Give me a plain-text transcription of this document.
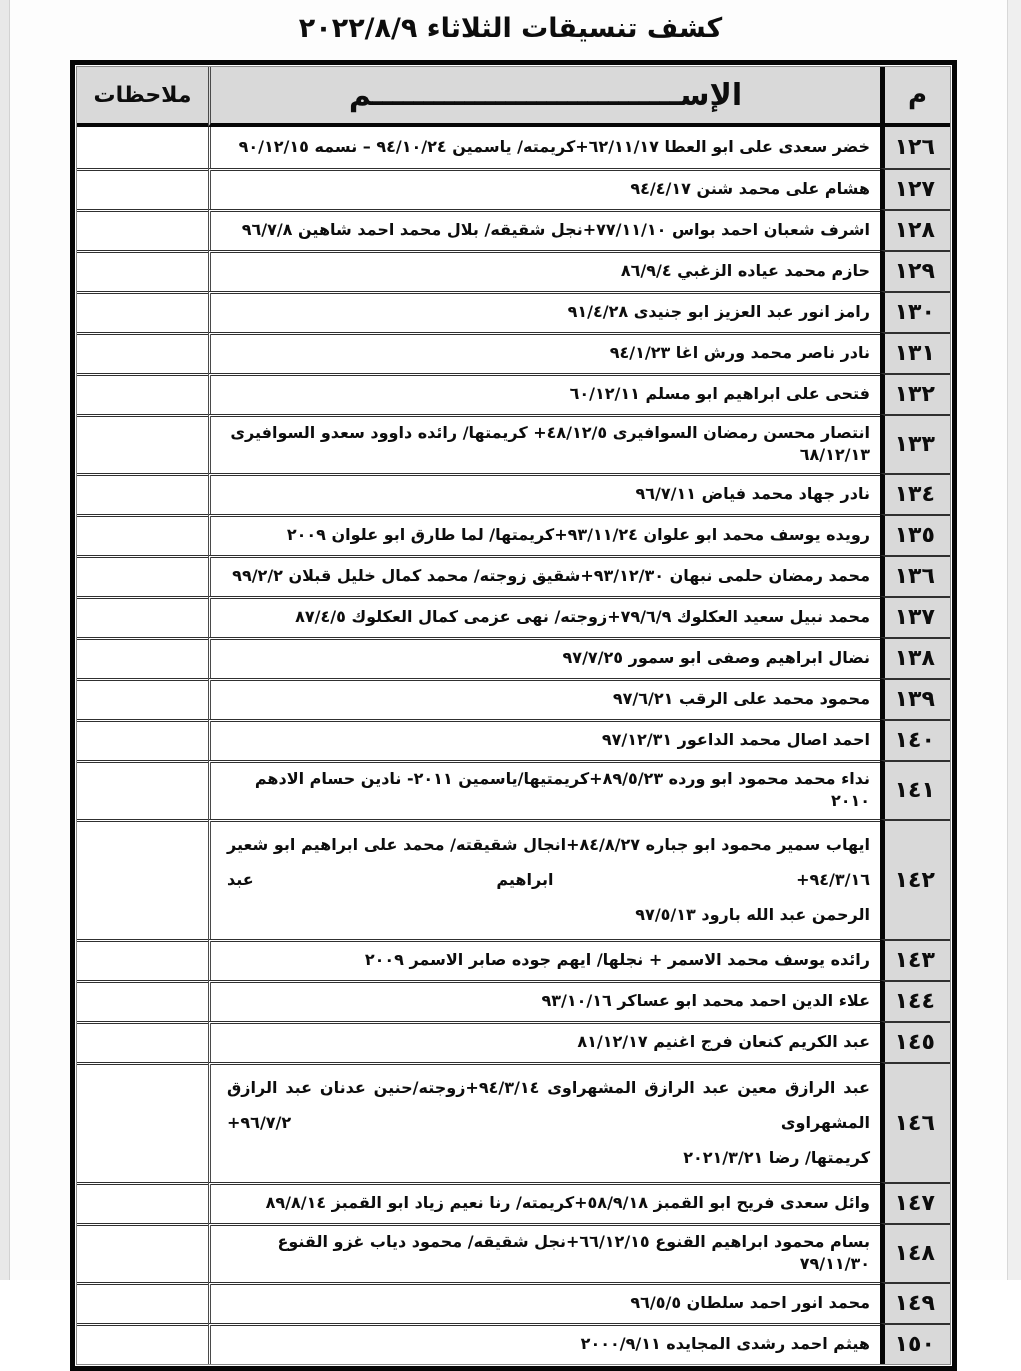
كشف تنسيقات الثلاثاء ٢٠٢٢/٨/٩
م
الإســــــــــــــــــــــــــــــم
ملاحظات
١٢٦
خضر سعدى على ابو العطا ٦٢/١١/١٧+كريمته/ ياسمين ٩٤/١٠/٢٤ – نسمه ٩٠/١٢/١٥
١٢٧
هشام على محمد شنن ٩٤/٤/١٧
١٢٨
اشرف شعبان احمد بواس ٧٧/١١/١٠+نجل شقيقه/ بلال محمد احمد شاهين ٩٦/٧/٨
١٢٩
حازم محمد عياده الزغبي ٨٦/٩/٤
١٣٠
رامز انور عبد العزيز ابو جنيدى ٩١/٤/٢٨
١٣١
نادر ناصر محمد ورش اغا ٩٤/١/٢٣
١٣٢
فتحى على ابراهيم ابو مسلم ٦٠/١٢/١١
١٣٣
انتصار محسن رمضان السوافيرى ٤٨/١٢/٥+ كريمتها/ رائده داوود سعدو السوافيرى ٦٨/١٢/١٣
١٣٤
نادر جهاد محمد فياض ٩٦/٧/١١
١٣٥
رويده يوسف محمد ابو علوان ٩٣/١١/٢٤+كريمتها/ لما طارق ابو علوان ٢٠٠٩
١٣٦
محمد رمضان حلمى نبهان ٩٣/١٢/٣٠+شقيق زوجته/ محمد كمال خليل قبلان ٩٩/٢/٢
١٣٧
محمد نبيل سعيد العكلوك ٧٩/٦/٩+زوجته/ نهى عزمى كمال العكلوك ٨٧/٤/٥
١٣٨
نضال ابراهيم وصفى ابو سمور ٩٧/٧/٢٥
١٣٩
محمود محمد على الرقب ٩٧/٦/٢١
١٤٠
احمد اصال محمد الداعور ٩٧/١٢/٣١
١٤١
نداء محمد محمود ابو ورده ٨٩/٥/٢٣+كريمتيها/ياسمين ٢٠١١- نادين حسام الادهم ٢٠١٠
١٤٢
ايهاب سمير محمود ابو جباره ٨٤/٨/٢٧+انجال شقيقته/ محمد على ابراهيم ابو شعير ٩٤/٣/١٦+ ابراهيم عبد
الرحمن عبد الله بارود ٩٧/٥/١٣
١٤٣
رائده يوسف محمد الاسمر + نجلها/ ايهم جوده صابر الاسمر ٢٠٠٩
١٤٤
علاء الدين احمد محمد ابو عساكر ٩٣/١٠/١٦
١٤٥
عبد الكريم كنعان فرج اغنيم ٨١/١٢/١٧
١٤٦
عبد الرازق معين عبد الرازق المشهراوى ٩٤/٣/١٤+زوجته/حنين عدنان عبد الرازق المشهراوى ٩٦/٧/٢+
كريمتها/ رضا ٢٠٢١/٣/٢١
١٤٧
وائل سعدى فريح ابو القمبز ٥٨/٩/١٨+كريمته/ رنا نعيم زياد ابو القمبز ٨٩/٨/١٤
١٤٨
بسام محمود ابراهيم القنوع ٦٦/١٢/١٥+نجل شقيقه/ محمود دياب غزو القنوع ٧٩/١١/٣٠
١٤٩
محمد انور احمد سلطان ٩٦/٥/٥
١٥٠
هيثم احمد رشدى المجايده ٢٠٠٠/٩/١١
